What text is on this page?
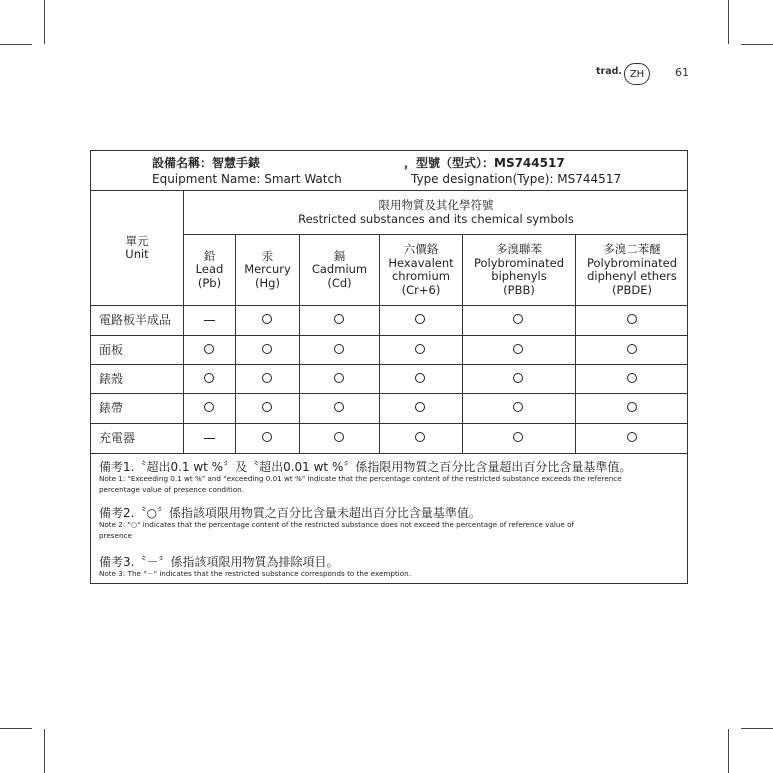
trad. ZH	61
設備名稱：智慧手錶
Equipment Name: Smart Watch
，型號（型式）：MS744517
Type designation(Type): MS744517
單元
Unit
限用物質及其化學符號
Restricted substances and its chemical symbols
鉛
Lead
(Pb)
汞
Mercury
(Hg)
鎘
Cadmium
(Cd)
六價鉻
Hexavalent
chromium
(Cr+6)
多溴聯苯
Polybrominated
biphenyls
(PBB)
多溴二苯醚
Polybrominated
diphenyl ethers
(PBDE)
電路板半成品
面板
錶殼
錶帶
充電器
備考1.〝超出0.1 wt %〞及〝超出0.01 wt %〞係指限用物質之百分比含量超出百分比含量基準值。
Note 1: "Exceeding 0.1 wt %" and "exceeding 0.01 wt %" indicate that the percentage content of the restricted substance exceeds the reference
percentage value of presence condition.
備考2.〝○〞係指該項限用物質之百分比含量未超出百分比含量基準值。
Note 2: "○" indicates that the percentage content of the restricted substance does not exceed the percentage of reference value of
presence
備考3.〝－〞係指該項限用物質為排除項目。
Note 3: The "－" indicates that the restricted substance corresponds to the exemption.
